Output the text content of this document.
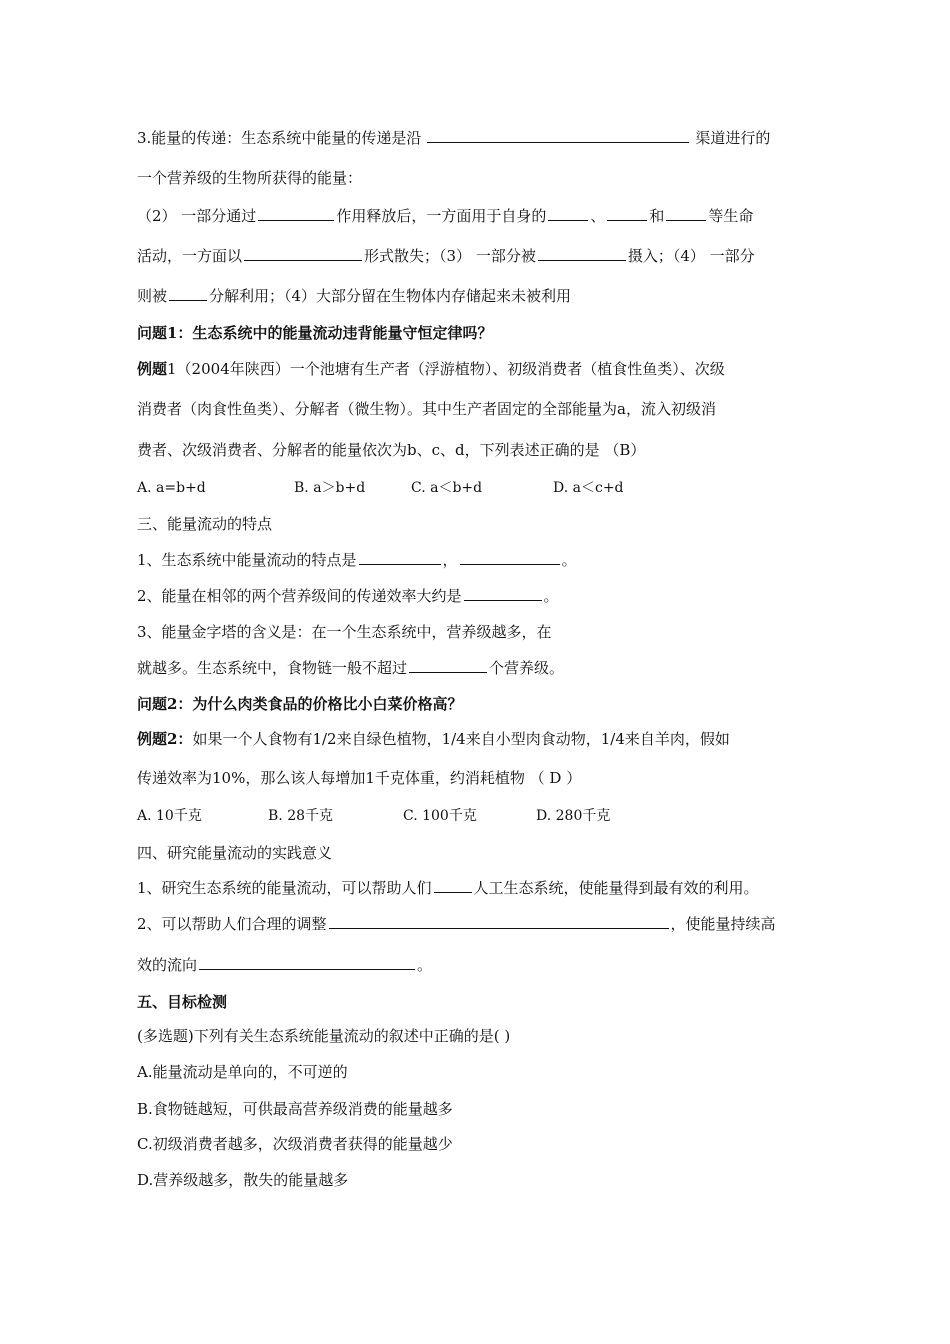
3.能量的传递：生态系统中能量的传递是沿	渠道进行的
一个营养级的生物所获得的能量：
（2） 一部分通过	作用释放后，一方面用于自身的	、	和	等生命
活动，一方面以	形式散失；（3） 一部分被	摄入；（4） 一部分
则被	分解利用；（4）大部分留在生物体内存储起来未被利用
问题1：生态系统中的能量流动违背能量守恒定律吗？
例题1（2004年陕西）一个池塘有生产者（浮游植物）、初级消费者（植食性鱼类）、次级
消费者（肉食性鱼类）、分解者（微生物）。其中生产者固定的全部能量为a，流入初级消
费者、次级消费者、分解者的能量依次为b、c、d，下列表述正确的是 （B）
A. a=b+d	B. a＞b+d	C. a＜b+d	D. a＜c+d
三、能量流动的特点
1、生态系统中能量流动的特点是	，	。
2、能量在相邻的两个营养级间的传递效率大约是	。
3、能量金字塔的含义是：在一个生态系统中，营养级越多，在
就越多。生态系统中，食物链一般不超过	个营养级。
问题2：为什么肉类食品的价格比小白菜价格高？
例题2：如果一个人食物有1/2来自绿色植物，1/4来自小型肉食动物，1/4来自羊肉，假如
传递效率为10%，那么该人每增加1千克体重，约消耗植物 （ D ）
A. 10千克	B. 28千克	C. 100千克	D. 280千克
四、研究能量流动的实践意义
1、研究生态系统的能量流动，可以帮助人们	人工生态系统，使能量得到最有效的利用。
2、可以帮助人们合理的调整	，使能量持续高
效的流向	。
五、目标检测
(多选题)下列有关生态系统能量流动的叙述中正确的是( )
A.能量流动是单向的，不可逆的
B.食物链越短，可供最高营养级消费的能量越多
C.初级消费者越多，次级消费者获得的能量越少
D.营养级越多，散失的能量越多
